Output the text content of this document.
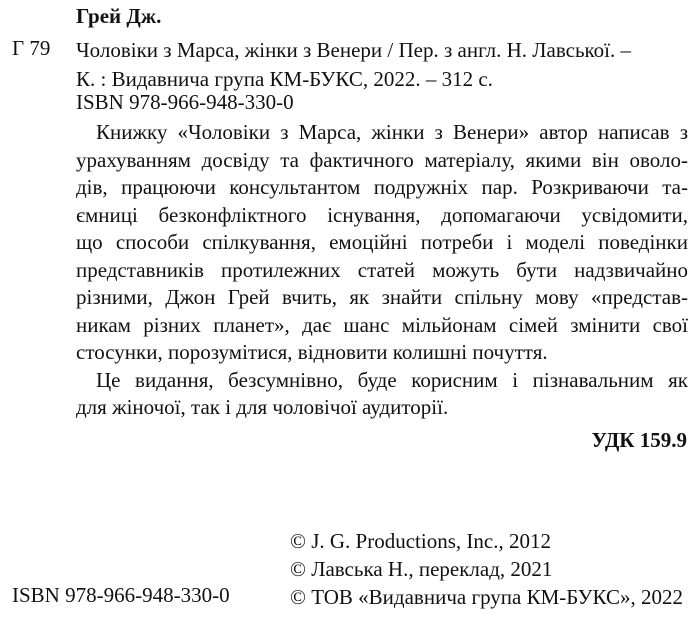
Грей Дж.
Г 79 Чоловіки з Марса, жінки з Венери / Пер. з англ. Н. Лавської. –
К. : Видавнича група КМ-БУКС, 2022. – 312 с.
ISBN 978-966-948-330-0
Книжку «Чоловіки з Марса, жінки з Венери» автор написав з
урахуванням досвіду та фактичного матеріалу, якими він оволо-
дів, працюючи консультантом подружніх пар. Розкриваючи та-
ємниці безконфліктного існування, допомагаючи усвідомити,
що способи спілкування, емоційні потреби і моделі поведінки
представників протилежних статей можуть бути надзвичайно
різними, Джон Грей вчить, як знайти спільну мову «представ-
никам різних планет», дає шанс мільйонам сімей змінити свої
стосунки, порозумітися, відновити колишні почуття.
Це видання, безсумнівно, буде корисним і пізнавальним як
для жіночої, так і для чоловічої аудиторії.
УДК 159.9
© J. G. Productions, Inc., 2012
© Лавська Н., переклад, 2021
© ТОВ «Видавнича група КМ-БУКС», 2022
ISBN 978-966-948-330-0
